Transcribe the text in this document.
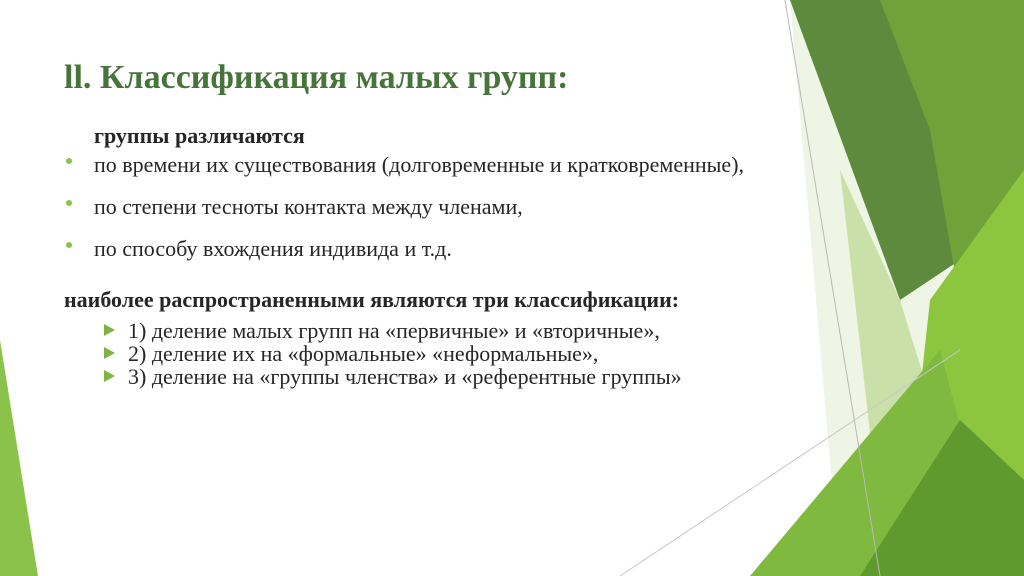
ll. Классификация малых групп:
группы различаются
по времени их существования (долговременные и кратковременные),
по степени тесноты контакта между членами,
по способу вхождения индивида и т.д.
наиболее распространенными являются три классификации:
1) деление малых групп на «первичные» и «вторичные»,
2) деление их на «формальные» «неформальные»,
3) деление на «группы членства» и «референтные группы»
